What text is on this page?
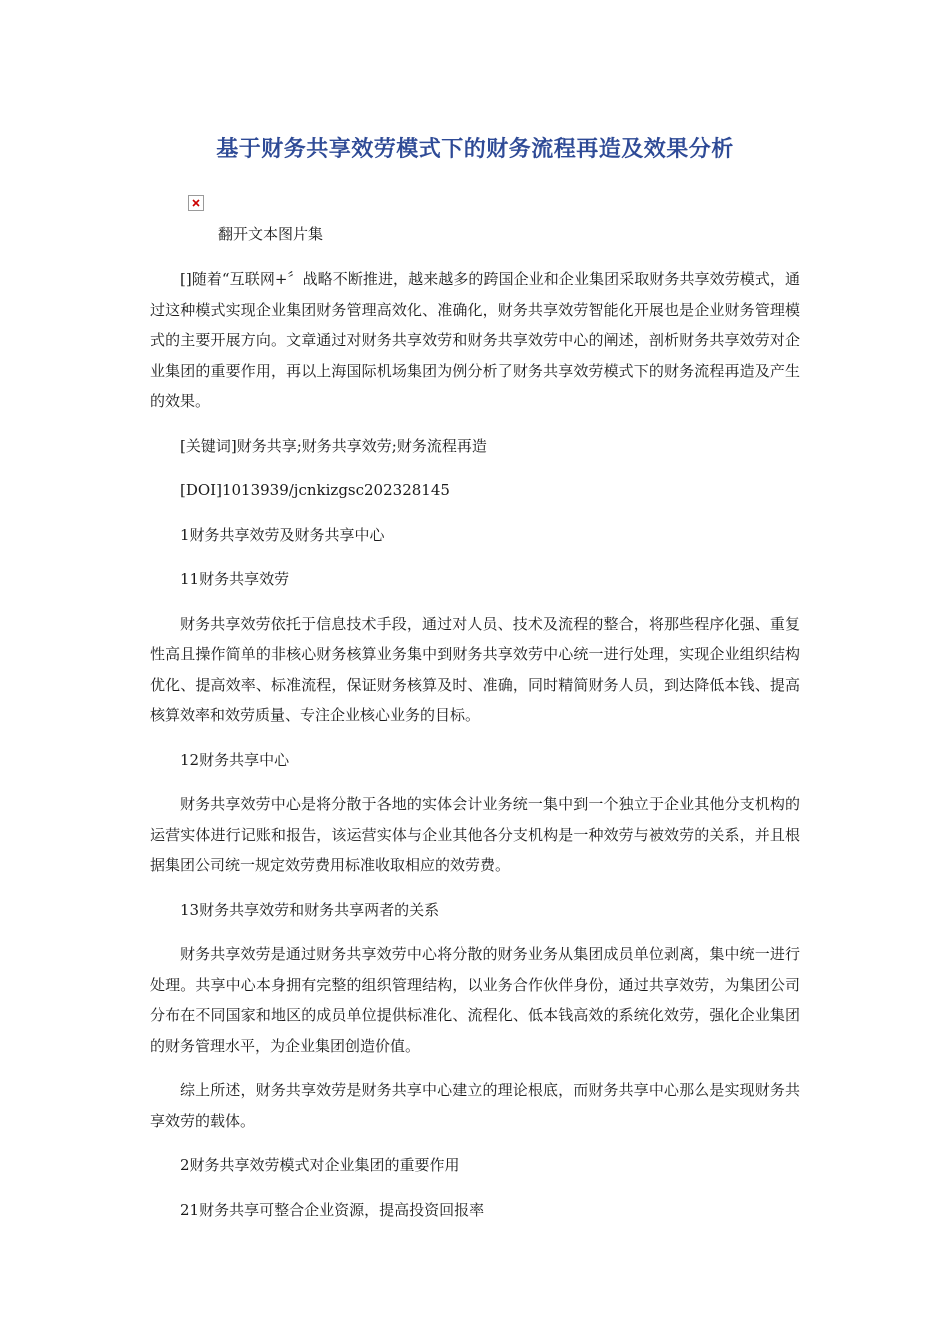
基于财务共享效劳模式下的财务流程再造及效果分析

翻开文本图片集

[]随着“互联网+〞战略不断推进，越来越多的跨国企业和企业集团采取财务共享效劳模式，通过这种模式实现企业集团财务管理高效化、准确化，财务共享效劳智能化开展也是企业财务管理模式的主要开展方向。文章通过对财务共享效劳和财务共享效劳中心的阐述，剖析财务共享效劳对企业集团的重要作用，再以上海国际机场集团为例分析了财务共享效劳模式下的财务流程再造及产生的效果。

[关键词]财务共享;财务共享效劳;财务流程再造

[DOI]1013939/jcnkizgsc202328145

1财务共享效劳及财务共享中心

11财务共享效劳

财务共享效劳依托于信息技术手段，通过对人员、技术及流程的整合，将那些程序化强、重复性高且操作简单的非核心财务核算业务集中到财务共享效劳中心统一进行处理，实现企业组织结构优化、提高效率、标准流程，保证财务核算及时、准确，同时精简财务人员，到达降低本钱、提高核算效率和效劳质量、专注企业核心业务的目标。

12财务共享中心

财务共享效劳中心是将分散于各地的实体会计业务统一集中到一个独立于企业其他分支机构的运营实体进行记账和报告，该运营实体与企业其他各分支机构是一种效劳与被效劳的关系，并且根据集团公司统一规定效劳费用标准收取相应的效劳费。

13财务共享效劳和财务共享两者的关系

财务共享效劳是通过财务共享效劳中心将分散的财务业务从集团成员单位剥离，集中统一进行处理。共享中心本身拥有完整的组织管理结构，以业务合作伙伴身份，通过共享效劳，为集团公司分布在不同国家和地区的成员单位提供标准化、流程化、低本钱高效的系统化效劳，强化企业集团的财务管理水平，为企业集团创造价值。

综上所述，财务共享效劳是财务共享中心建立的理论根底，而财务共享中心那么是实现财务共享效劳的载体。

2财务共享效劳模式对企业集团的重要作用

21财务共享可整合企业资源，提高投资回报率
